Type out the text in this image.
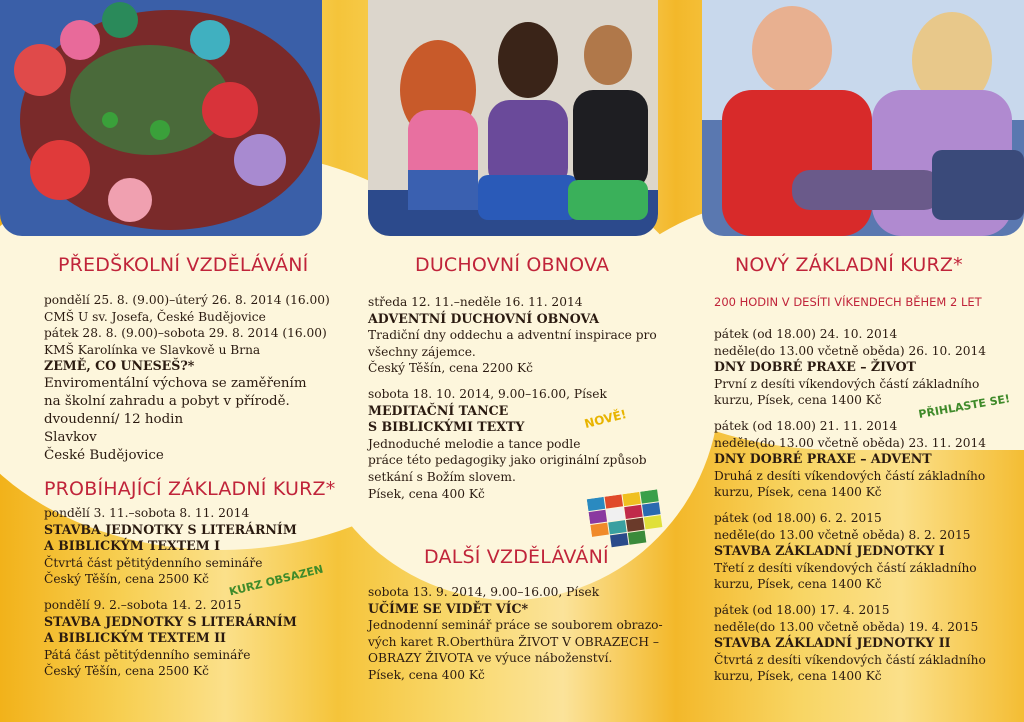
PŘEDŠKOLNÍ VZDĚLÁVÁNÍ

pondělí 25. 8. (9.00)–úterý 26. 8. 2014 (16.00)

CMŠ U sv. Josefa, České Budějovice

pátek 28. 8. (9.00)–sobota 29. 8. 2014 (16.00)

KMŠ Karolínka ve Slavkově u Brna

ZEMĚ, CO UNESEŠ?*

Enviromentální výchova se zaměřením

na školní zahradu a pobyt v přírodě.

dvoudenní/ 12 hodin

Slavkov

České Budějovice

PROBÍHAJÍCÍ ZÁKLADNÍ KURZ*

pondělí 3. 11.–sobota 8. 11. 2014

STAVBA JEDNOTKY S LITERÁRNÍM

A BIBLICKÝM TEXTEM I

Čtvrtá část pětitýdenního semináře

Český Těšín, cena 2500 Kč

pondělí 9. 2.–sobota 14. 2. 2015

STAVBA JEDNOTKY S LITERÁRNÍM

A BIBLICKÝM TEXTEM II

Pátá část pětitýdenního semináře

Český Těšín, cena 2500 Kč

KURZ OBSAZEN
DUCHOVNÍ OBNOVA

středa 12. 11.–neděle 16. 11. 2014

ADVENTNÍ DUCHOVNÍ OBNOVA

Tradiční dny oddechu a adventní inspirace pro

všechny zájemce.

Český Těšín, cena 2200 Kč

sobota 18. 10. 2014, 9.00–16.00, Písek

MEDITAČNÍ TANCE

S BIBLICKÝMI TEXTY

Jednoduché melodie a tance podle

práce této pedagogiky jako originální způsob

setkání s Božím slovem.

Písek, cena 400 Kč

NOVĚ!
DALŠÍ VZDĚLÁVÁNÍ

sobota 13. 9. 2014, 9.00–16.00, Písek

UČÍME SE VIDĚT VÍC*

Jednodenní seminář práce se souborem obrazo-

vých karet R.Oberthüra ŽIVOT V OBRAZECH –

OBRAZY ŽIVOTA ve výuce náboženství.

Písek, cena 400 Kč

NOVÝ ZÁKLADNÍ KURZ*
200 HODIN V DESÍTI VÍKENDECH BĚHEM 2 LET
PŘIHLASTE SE!

pátek (od 18.00) 24. 10. 2014

neděle(do 13.00 včetně oběda) 26. 10. 2014

DNY DOBRÉ PRAXE – ŽIVOT

První z desíti víkendových částí základního

kurzu, Písek, cena 1400 Kč

pátek (od 18.00) 21. 11. 2014

neděle(do 13.00 včetně oběda) 23. 11. 2014

DNY DOBRÉ PRAXE – ADVENT

Druhá z desíti víkendových částí základního

kurzu, Písek, cena 1400 Kč

pátek (od 18.00) 6. 2. 2015

neděle(do 13.00 včetně oběda) 8. 2. 2015

STAVBA ZÁKLADNÍ JEDNOTKY I

Třetí z desíti víkendových částí základního

kurzu, Písek, cena 1400 Kč

pátek (od 18.00) 17. 4. 2015

neděle(do 13.00 včetně oběda) 19. 4. 2015

STAVBA ZÁKLADNÍ JEDNOTKY II

Čtvrtá z desíti víkendových částí základního

kurzu, Písek, cena 1400 Kč
